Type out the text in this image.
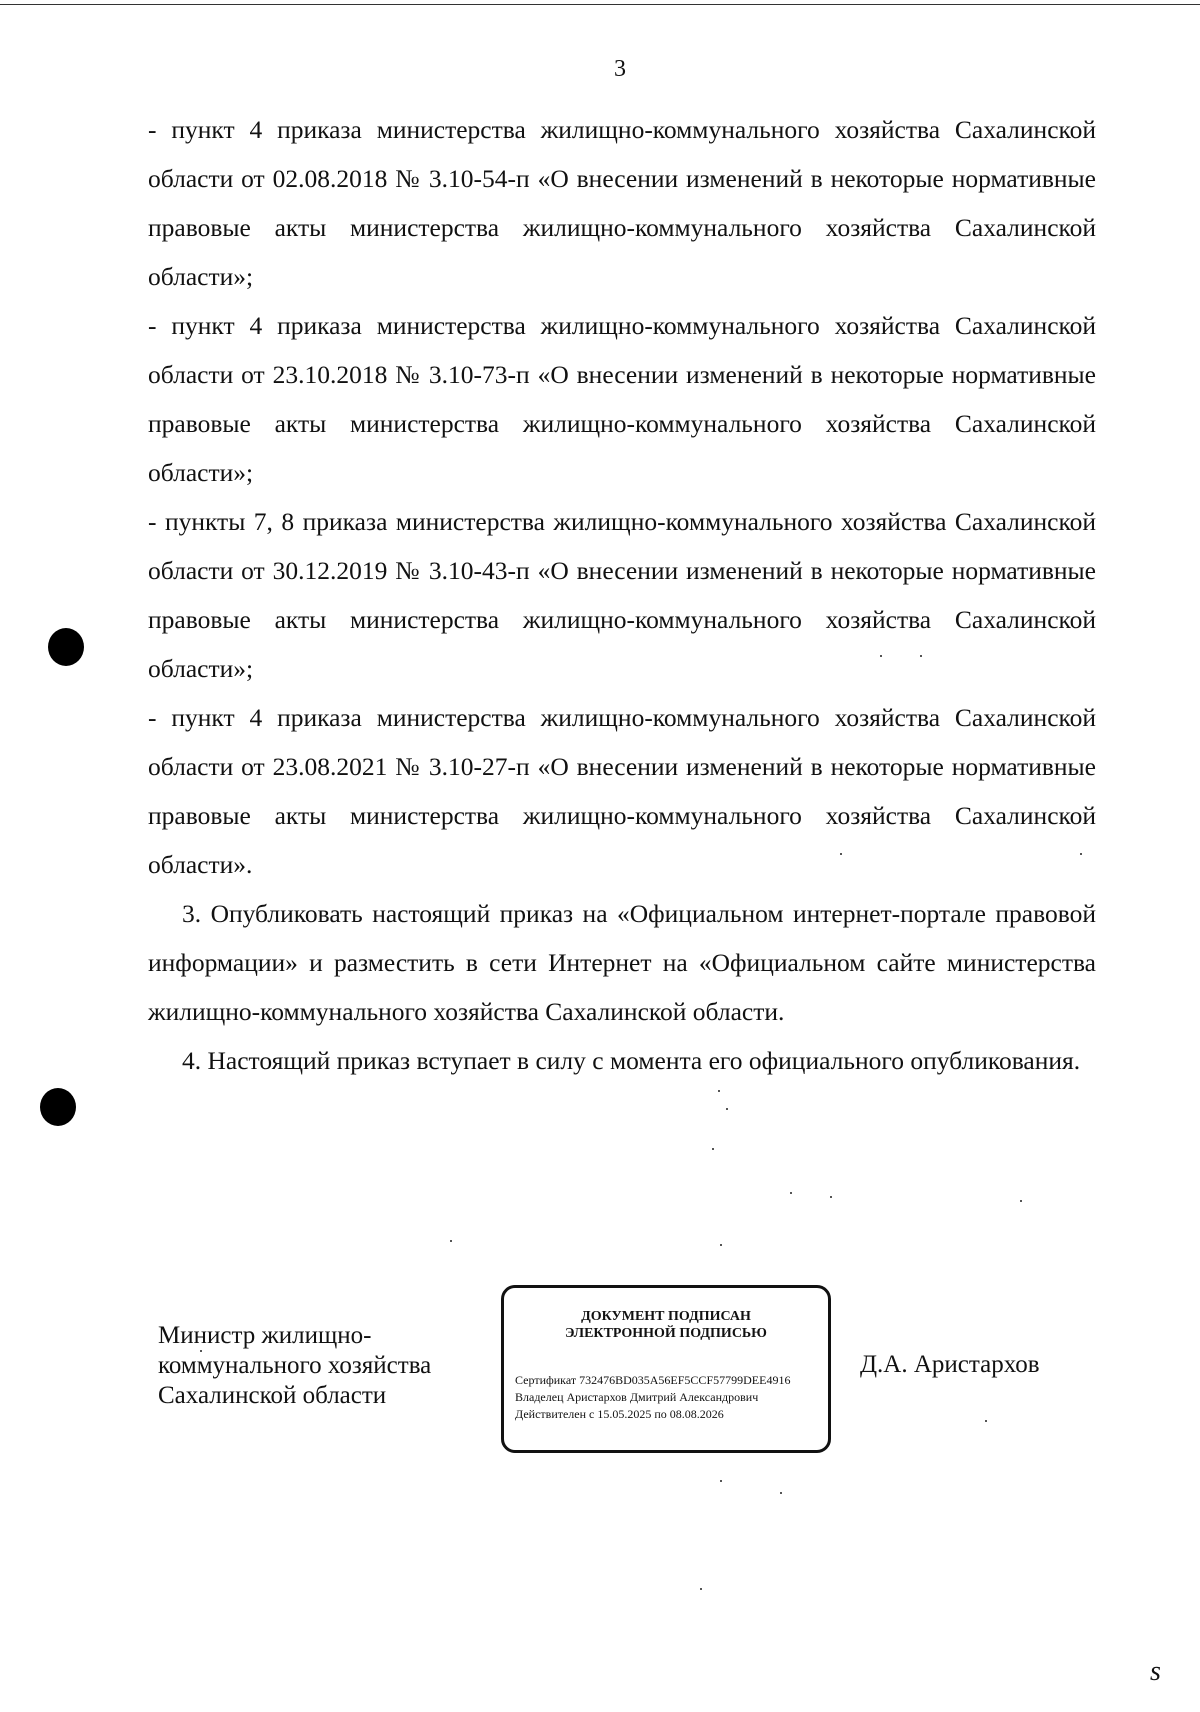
3

- пункт 4 приказа министерства жилищно-коммунального хозяйства Сахалинской области от 02.08.2018 № 3.10-54-п «О внесении изменений в некоторые нормативные правовые акты министерства жилищно-коммунального хозяйства Сахалинской области»;

- пункт 4 приказа министерства жилищно-коммунального хозяйства Сахалинской области от 23.10.2018 № 3.10-73-п «О внесении изменений в некоторые нормативные правовые акты министерства жилищно-коммунального хозяйства Сахалинской области»;

- пункты 7, 8 приказа министерства жилищно-коммунального хозяйства Сахалинской области от 30.12.2019 № 3.10-43-п «О внесении изменений в некоторые нормативные правовые акты министерства жилищно-коммунального хозяйства Сахалинской области»;

- пункт 4 приказа министерства жилищно-коммунального хозяйства Сахалинской области от 23.08.2021 № 3.10-27-п «О внесении изменений в некоторые нормативные правовые акты министерства жилищно-коммунального хозяйства Сахалинской области».

3. Опубликовать настоящий приказ на «Официальном интернет-портале правовой информации» и разместить в сети Интернет на «Официальном сайте министерства жилищно-коммунального хозяйства Сахалинской области.

4. Настоящий приказ вступает в силу с момента его официального опубликования.

Министр жилищно-
коммунального хозяйства
Сахалинской области
ДОКУМЕНТ ПОДПИСАН
ЭЛЕКТРОННОЙ ПОДПИСЬЮ
Сертификат 732476BD035A56EF5CCF57799DEE4916
Владелец Аристархов Дмитрий Александрович
Действителен с 15.05.2025 по 08.08.2026
Д.А. Аристархов
ѕ
